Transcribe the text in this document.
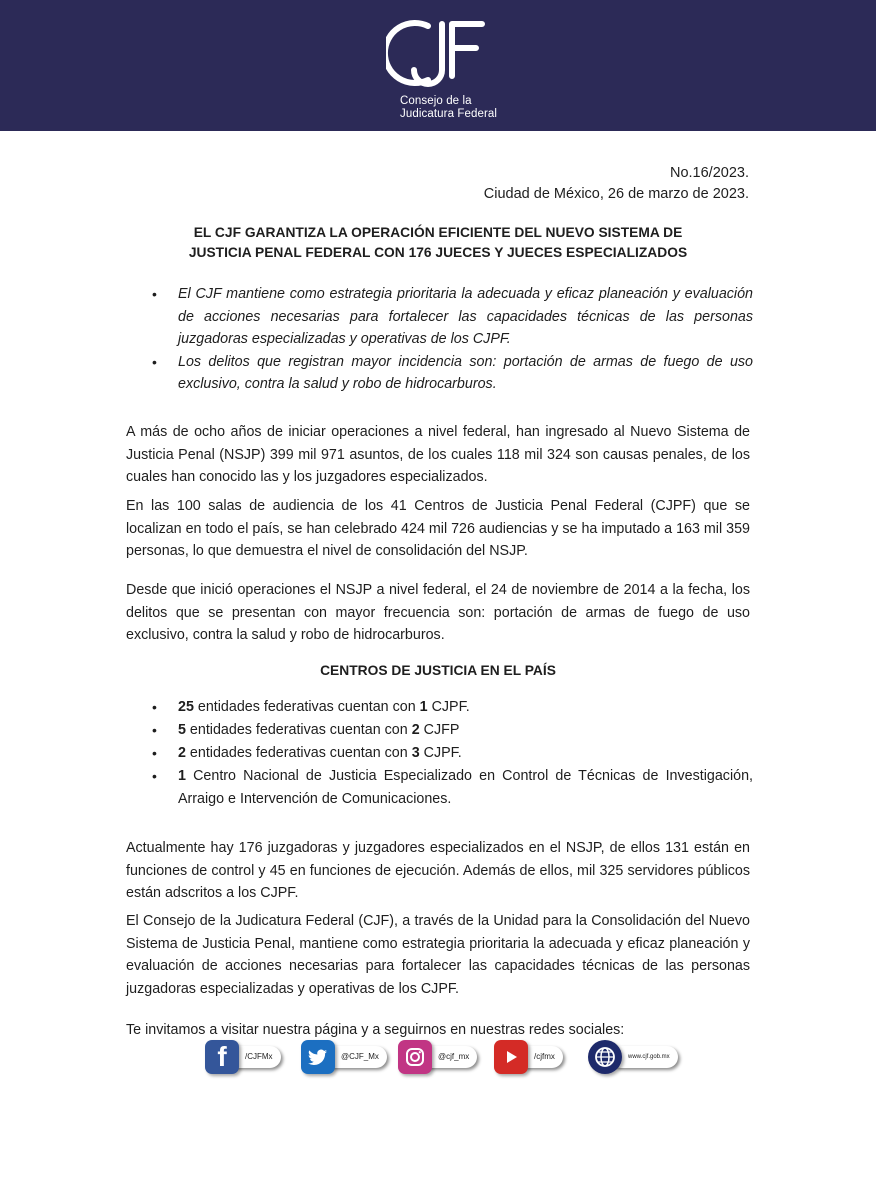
Consejo de la
Judicatura Federal
No.16/2023.
Ciudad de México, 26 de marzo de 2023.
EL CJF GARANTIZA LA OPERACIÓN EFICIENTE DEL NUEVO SISTEMA DE
JUSTICIA PENAL FEDERAL CON 176 JUECES Y JUECES ESPECIALIZADOS
• El CJF mantiene como estrategia prioritaria la adecuada y eficaz planeación y evaluación de acciones necesarias para fortalecer las capacidades técnicas de las personas juzgadoras especializadas y operativas de los CJPF.
• Los delitos que registran mayor incidencia son: portación de armas de fuego de uso exclusivo, contra la salud y robo de hidrocarburos.

A más de ocho años de iniciar operaciones a nivel federal, han ingresado al Nuevo Sistema de Justicia Penal (NSJP) 399 mil 971 asuntos, de los cuales 118 mil 324 son causas penales, de los cuales han conocido las y los juzgadores especializados.

En las 100 salas de audiencia de los 41 Centros de Justicia Penal Federal (CJPF) que se localizan en todo el país, se han celebrado 424 mil 726 audiencias y se ha imputado a 163 mil 359 personas, lo que demuestra el nivel de consolidación del NSJP.

Desde que inició operaciones el NSJP a nivel federal, el 24 de noviembre de 2014 a la fecha, los delitos que se presentan con mayor frecuencia son: portación de armas de fuego de uso exclusivo, contra la salud y robo de hidrocarburos.

CENTROS DE JUSTICIA EN EL PAÍS
• 25 entidades federativas cuentan con 1 CJPF.
• 5 entidades federativas cuentan con 2 CJFP
• 2 entidades federativas cuentan con 3 CJPF.
• 1 Centro Nacional de Justicia Especializado en Control de Técnicas de Investigación, Arraigo e Intervención de Comunicaciones.

Actualmente hay 176 juzgadoras y juzgadores especializados en el NSJP, de ellos 131 están en funciones de control y 45 en funciones de ejecución. Además de ellos, mil 325 servidores públicos están adscritos a los CJPF.

El Consejo de la Judicatura Federal (CJF), a través de la Unidad para la Consolidación del Nuevo Sistema de Justicia Penal, mantiene como estrategia prioritaria la adecuada y eficaz planeación y evaluación de acciones necesarias para fortalecer las capacidades técnicas de las personas juzgadoras especializadas y operativas de los CJPF.

Te invitamos a visitar nuestra página y a seguirnos en nuestras redes sociales:

/CJFMx
f	@CJF_Mx	@cjf_mx	/cjfmx	www.cjf.gob.mx
